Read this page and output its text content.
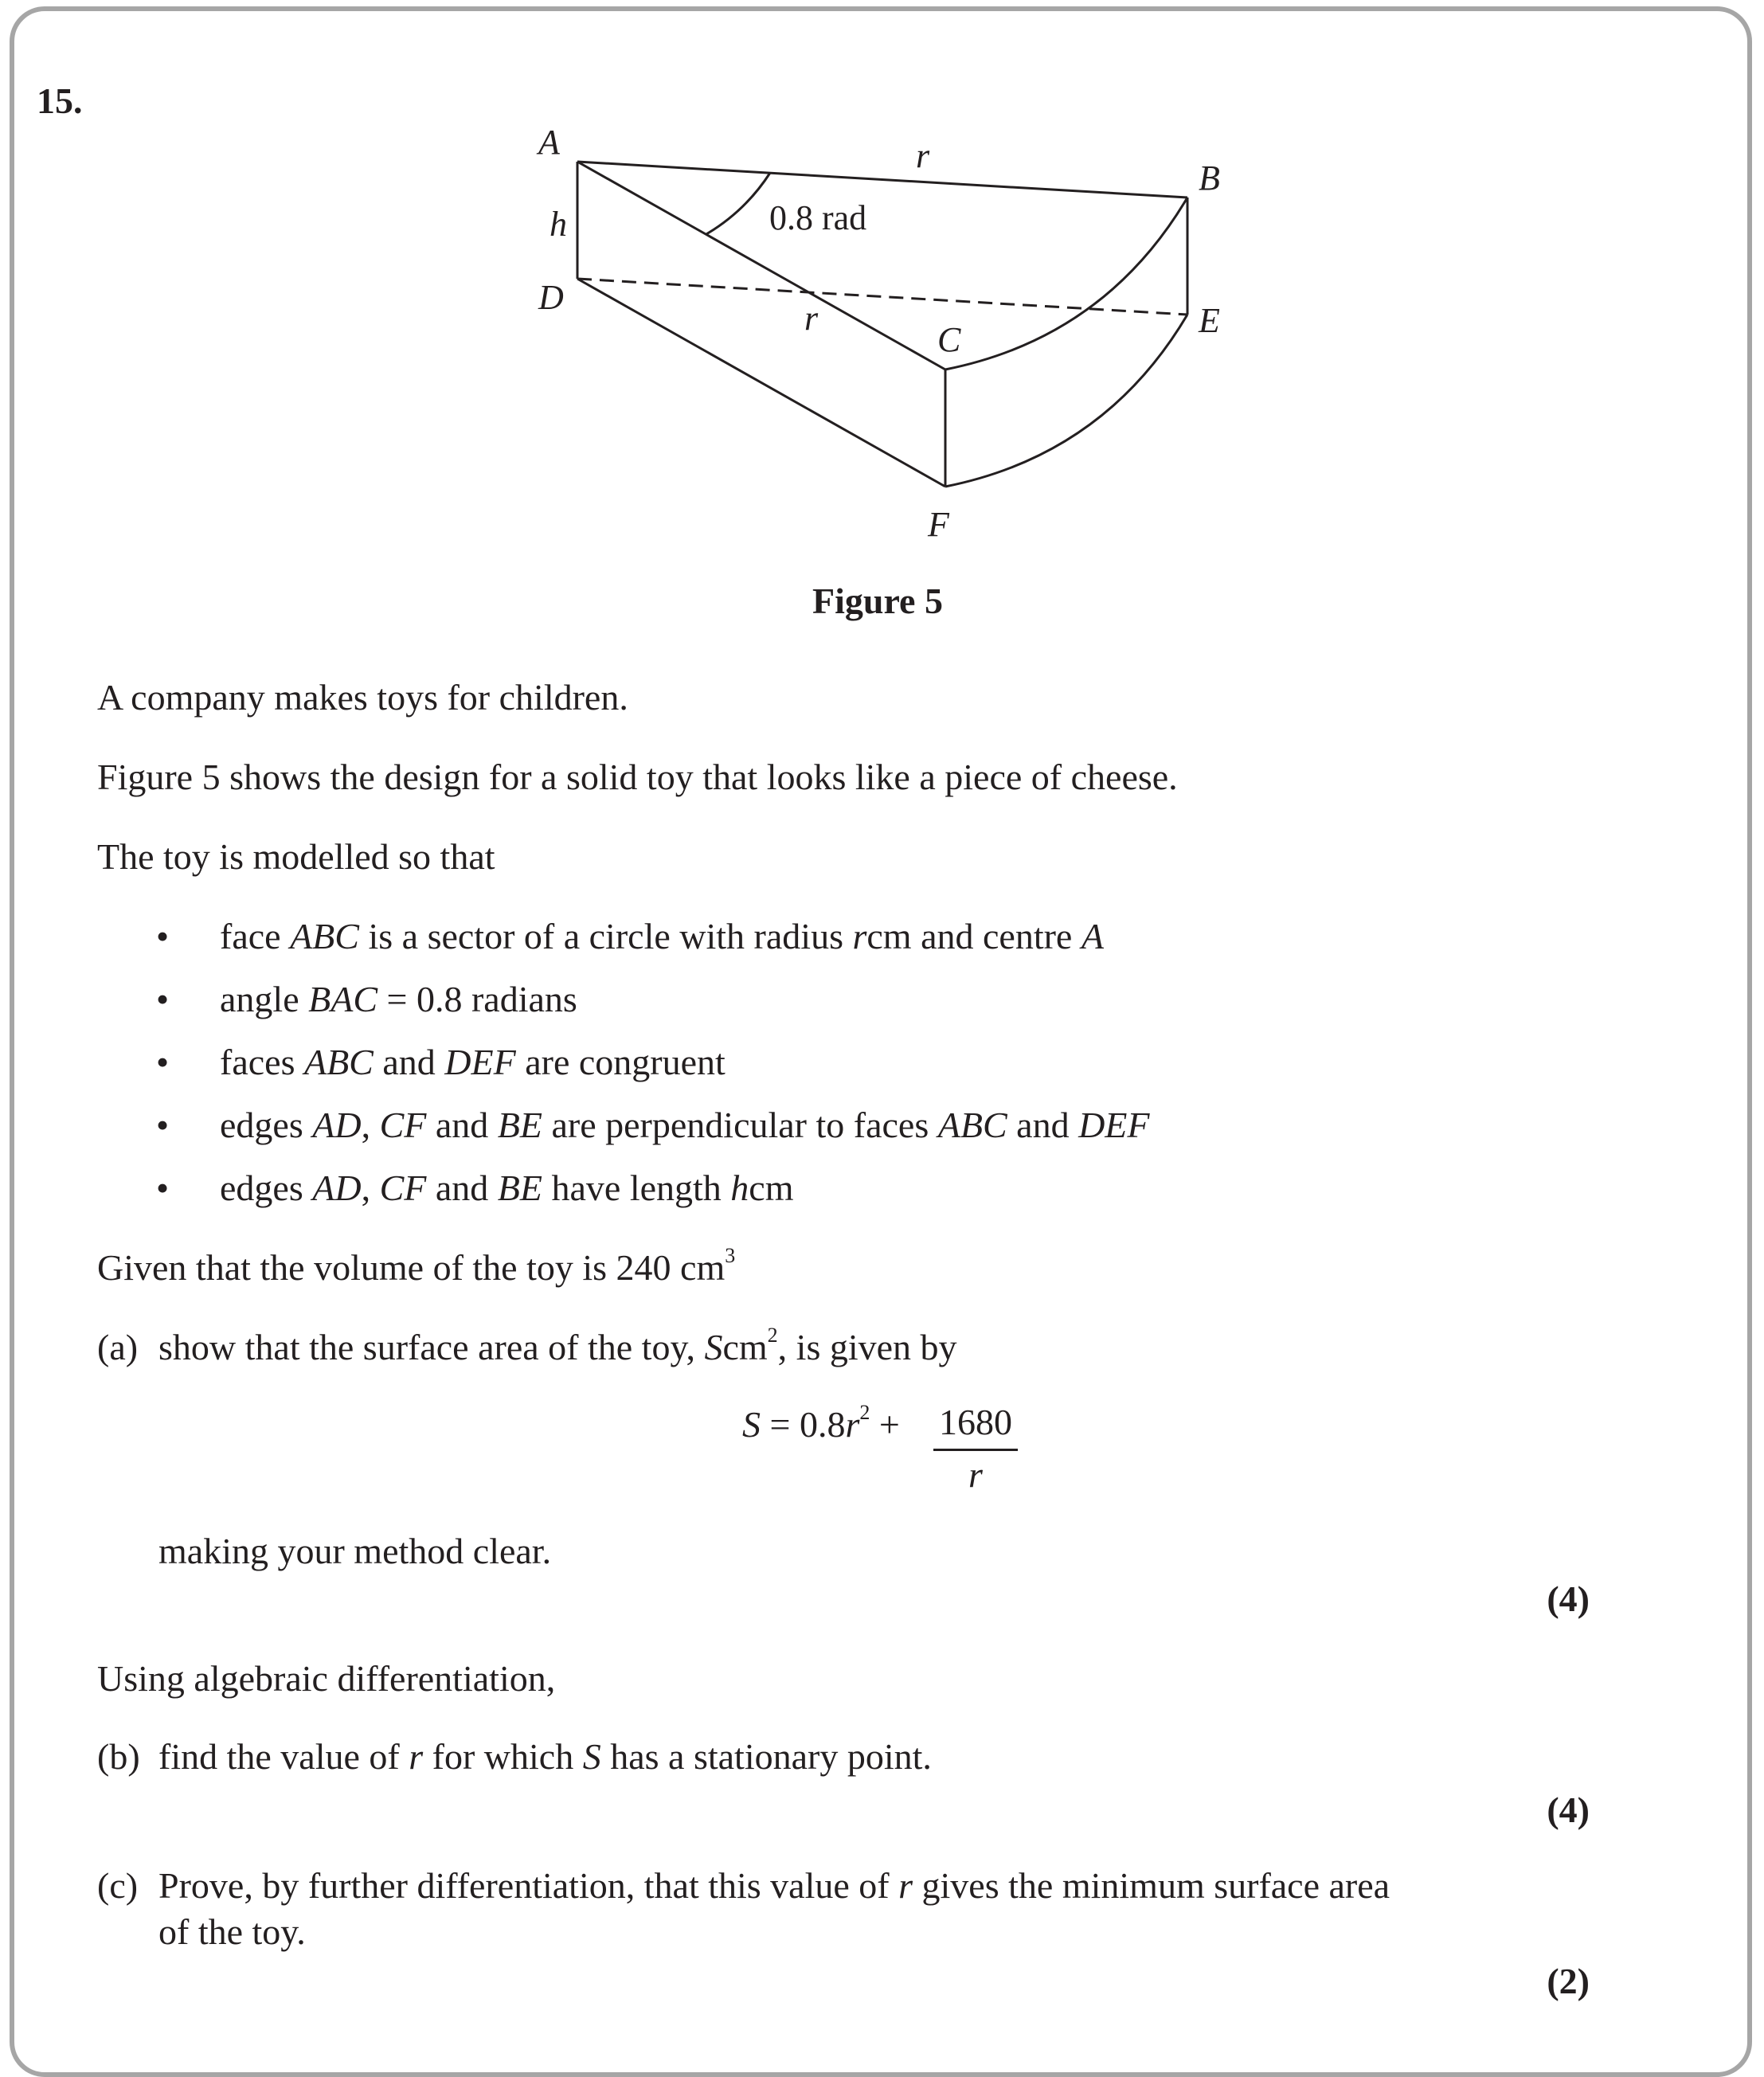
15.
A
B
C
D
E
F
h
r
r
0.8 rad
Figure 5
A company makes toys for children.
Figure 5 shows the design for a solid toy that looks like a piece of cheese.
The toy is modelled so that
• face ABC is a sector of a circle with radius rcm and centre A
• angle BAC = 0.8 radians
• faces ABC and DEF are congruent
• edges AD, CF and BE are perpendicular to faces ABC and DEF
• edges AD, CF and BE have length hcm
Given that the volume of the toy is 240 $cm^3$
(a) show that the surface area of the toy, Scm$^2$, is given by
$S = 0.8r^2 + 1680$
r
making your method clear.
(4)
Using algebraic differentiation,
(b) find the value of r for which S has a stationary point.
(4)
(c) Prove, by further differentiation, that this value of r gives the minimum surface area
of the toy.
(2)
